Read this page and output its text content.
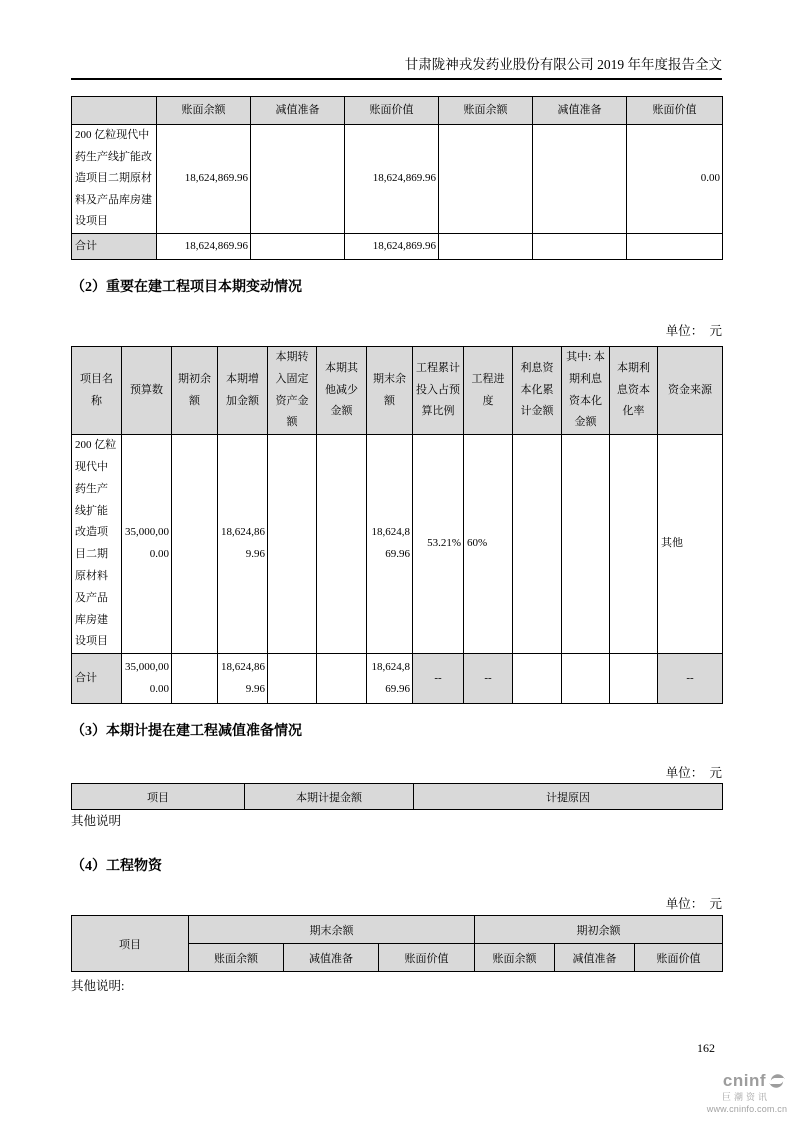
甘肃陇神戎发药业股份有限公司 2019 年年度报告全文
	账面余额	减值准备	账面价值	账面余额	减值准备	账面价值
200 亿粒现代中药生产线扩能改造项目二期原材料及产品库房建设项目	18,624,869.96		18,624,869.96			0.00
合计	18,624,869.96		18,624,869.96			
（2）重要在建工程项目本期变动情况
单位：　元
项目名称	预算数	期初余额	本期增加金额	本期转入固定资产金额	本期其他减少金额	期末余额	工程累计投入占预算比例	工程进度	利息资本化累计金额	其中: 本期利息资本化金额	本期利息资本化率	资金来源
200 亿粒现代中药生产线扩能改造项目二期原材料及产品库房建设项目	35,000,000.00		18,624,869.96			18,624,869.96	53.21%	60%				其他
合计	35,000,000.00		18,624,869.96			18,624,869.96	--	--				--
（3）本期计提在建工程减值准备情况
单位：　元
项目	本期计提金额	计提原因
其他说明
（4）工程物资
单位：　元
项目	期末余额			期初余额		
	账面余额	减值准备	账面价值	账面余额	减值准备	账面价值
其他说明:
162
cninf
巨潮资讯
www.cninfo.com.cn
